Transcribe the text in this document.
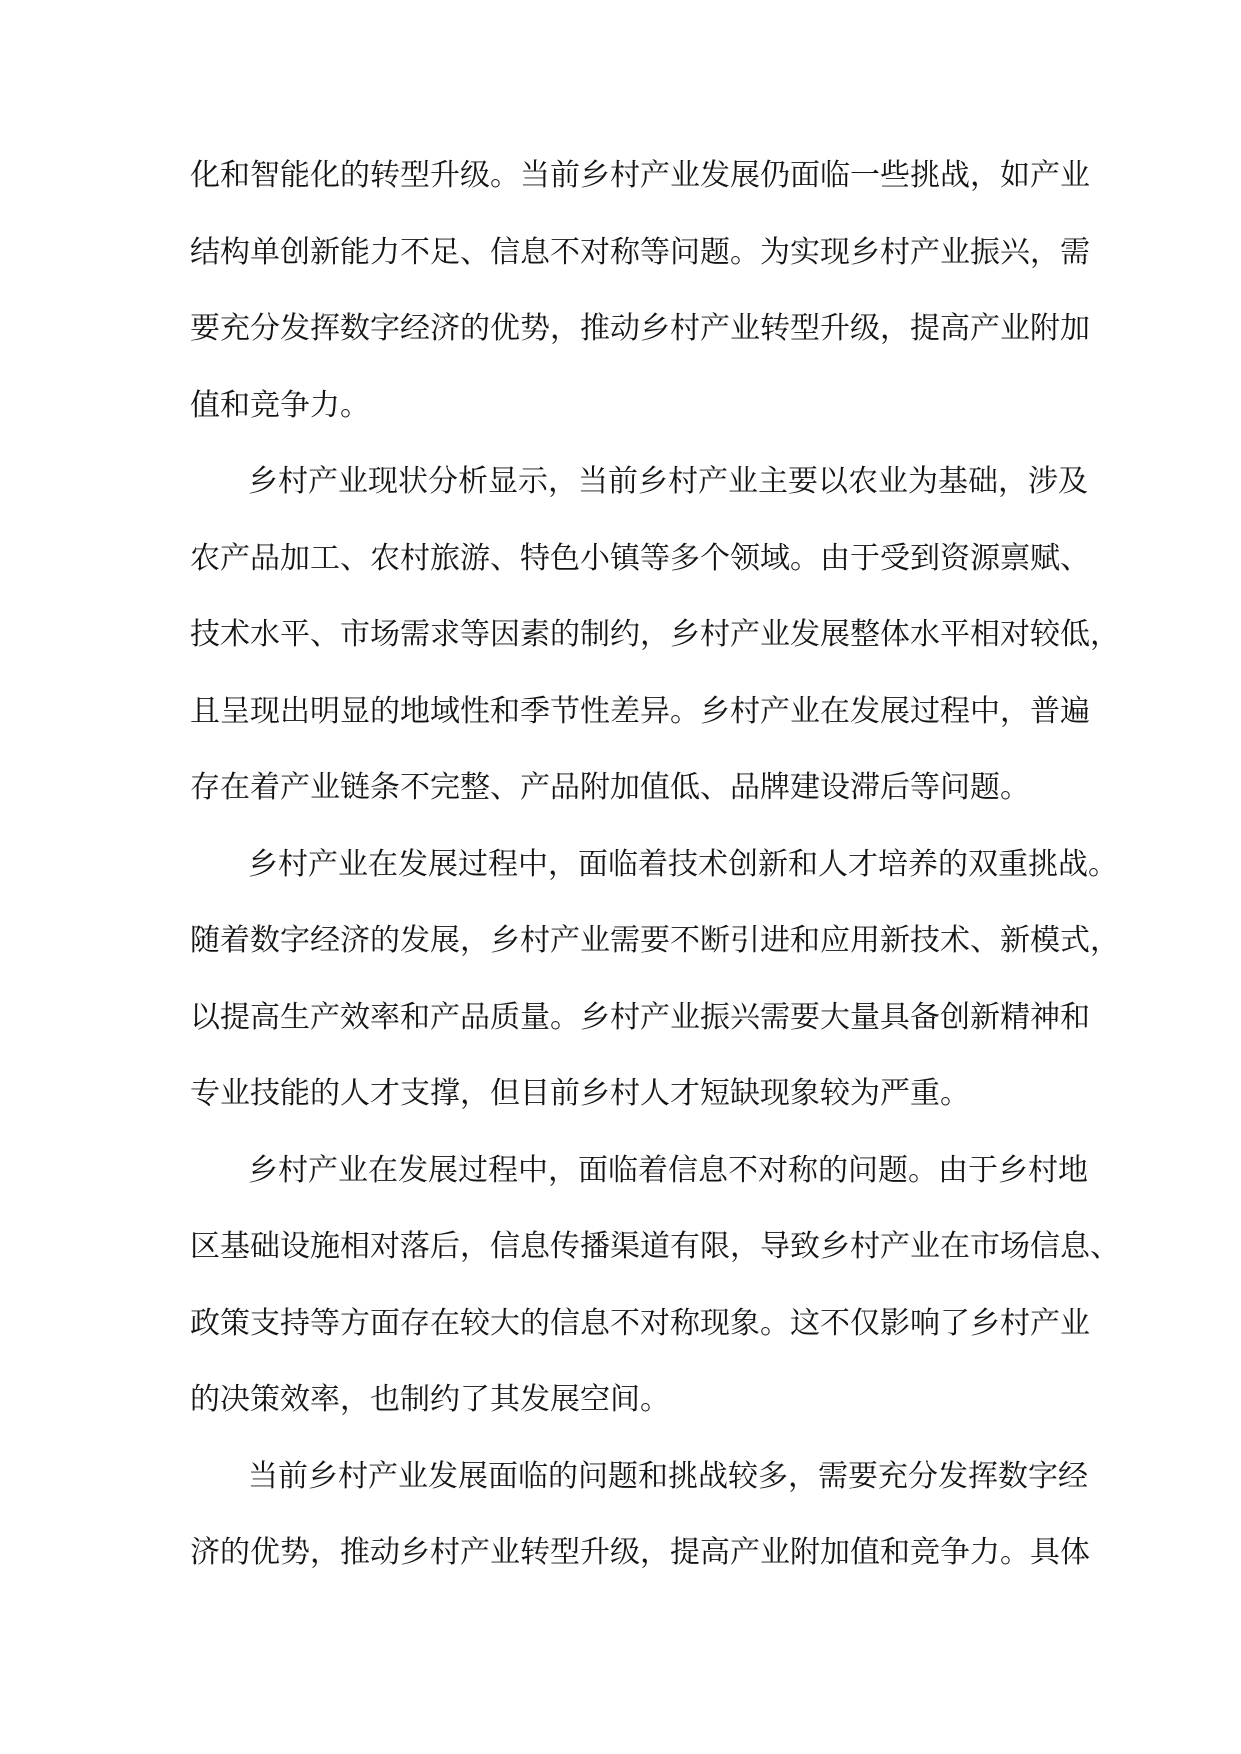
化和智能化的转型升级。当前乡村产业发展仍面临一些挑战，如产业
结构单创新能力不足、信息不对称等问题。为实现乡村产业振兴，需
要充分发挥数字经济的优势，推动乡村产业转型升级，提高产业附加
值和竞争力。
乡村产业现状分析显示，当前乡村产业主要以农业为基础，涉及
农产品加工、农村旅游、特色小镇等多个领域。由于受到资源禀赋、
技术水平、市场需求等因素的制约，乡村产业发展整体水平相对较低，
且呈现出明显的地域性和季节性差异。乡村产业在发展过程中，普遍
存在着产业链条不完整、产品附加值低、品牌建设滞后等问题。
乡村产业在发展过程中，面临着技术创新和人才培养的双重挑战。
随着数字经济的发展，乡村产业需要不断引进和应用新技术、新模式，
以提高生产效率和产品质量。乡村产业振兴需要大量具备创新精神和
专业技能的人才支撑，但目前乡村人才短缺现象较为严重。
乡村产业在发展过程中，面临着信息不对称的问题。由于乡村地
区基础设施相对落后，信息传播渠道有限，导致乡村产业在市场信息、
政策支持等方面存在较大的信息不对称现象。这不仅影响了乡村产业
的决策效率，也制约了其发展空间。
当前乡村产业发展面临的问题和挑战较多，需要充分发挥数字经
济的优势，推动乡村产业转型升级，提高产业附加值和竞争力。具体
